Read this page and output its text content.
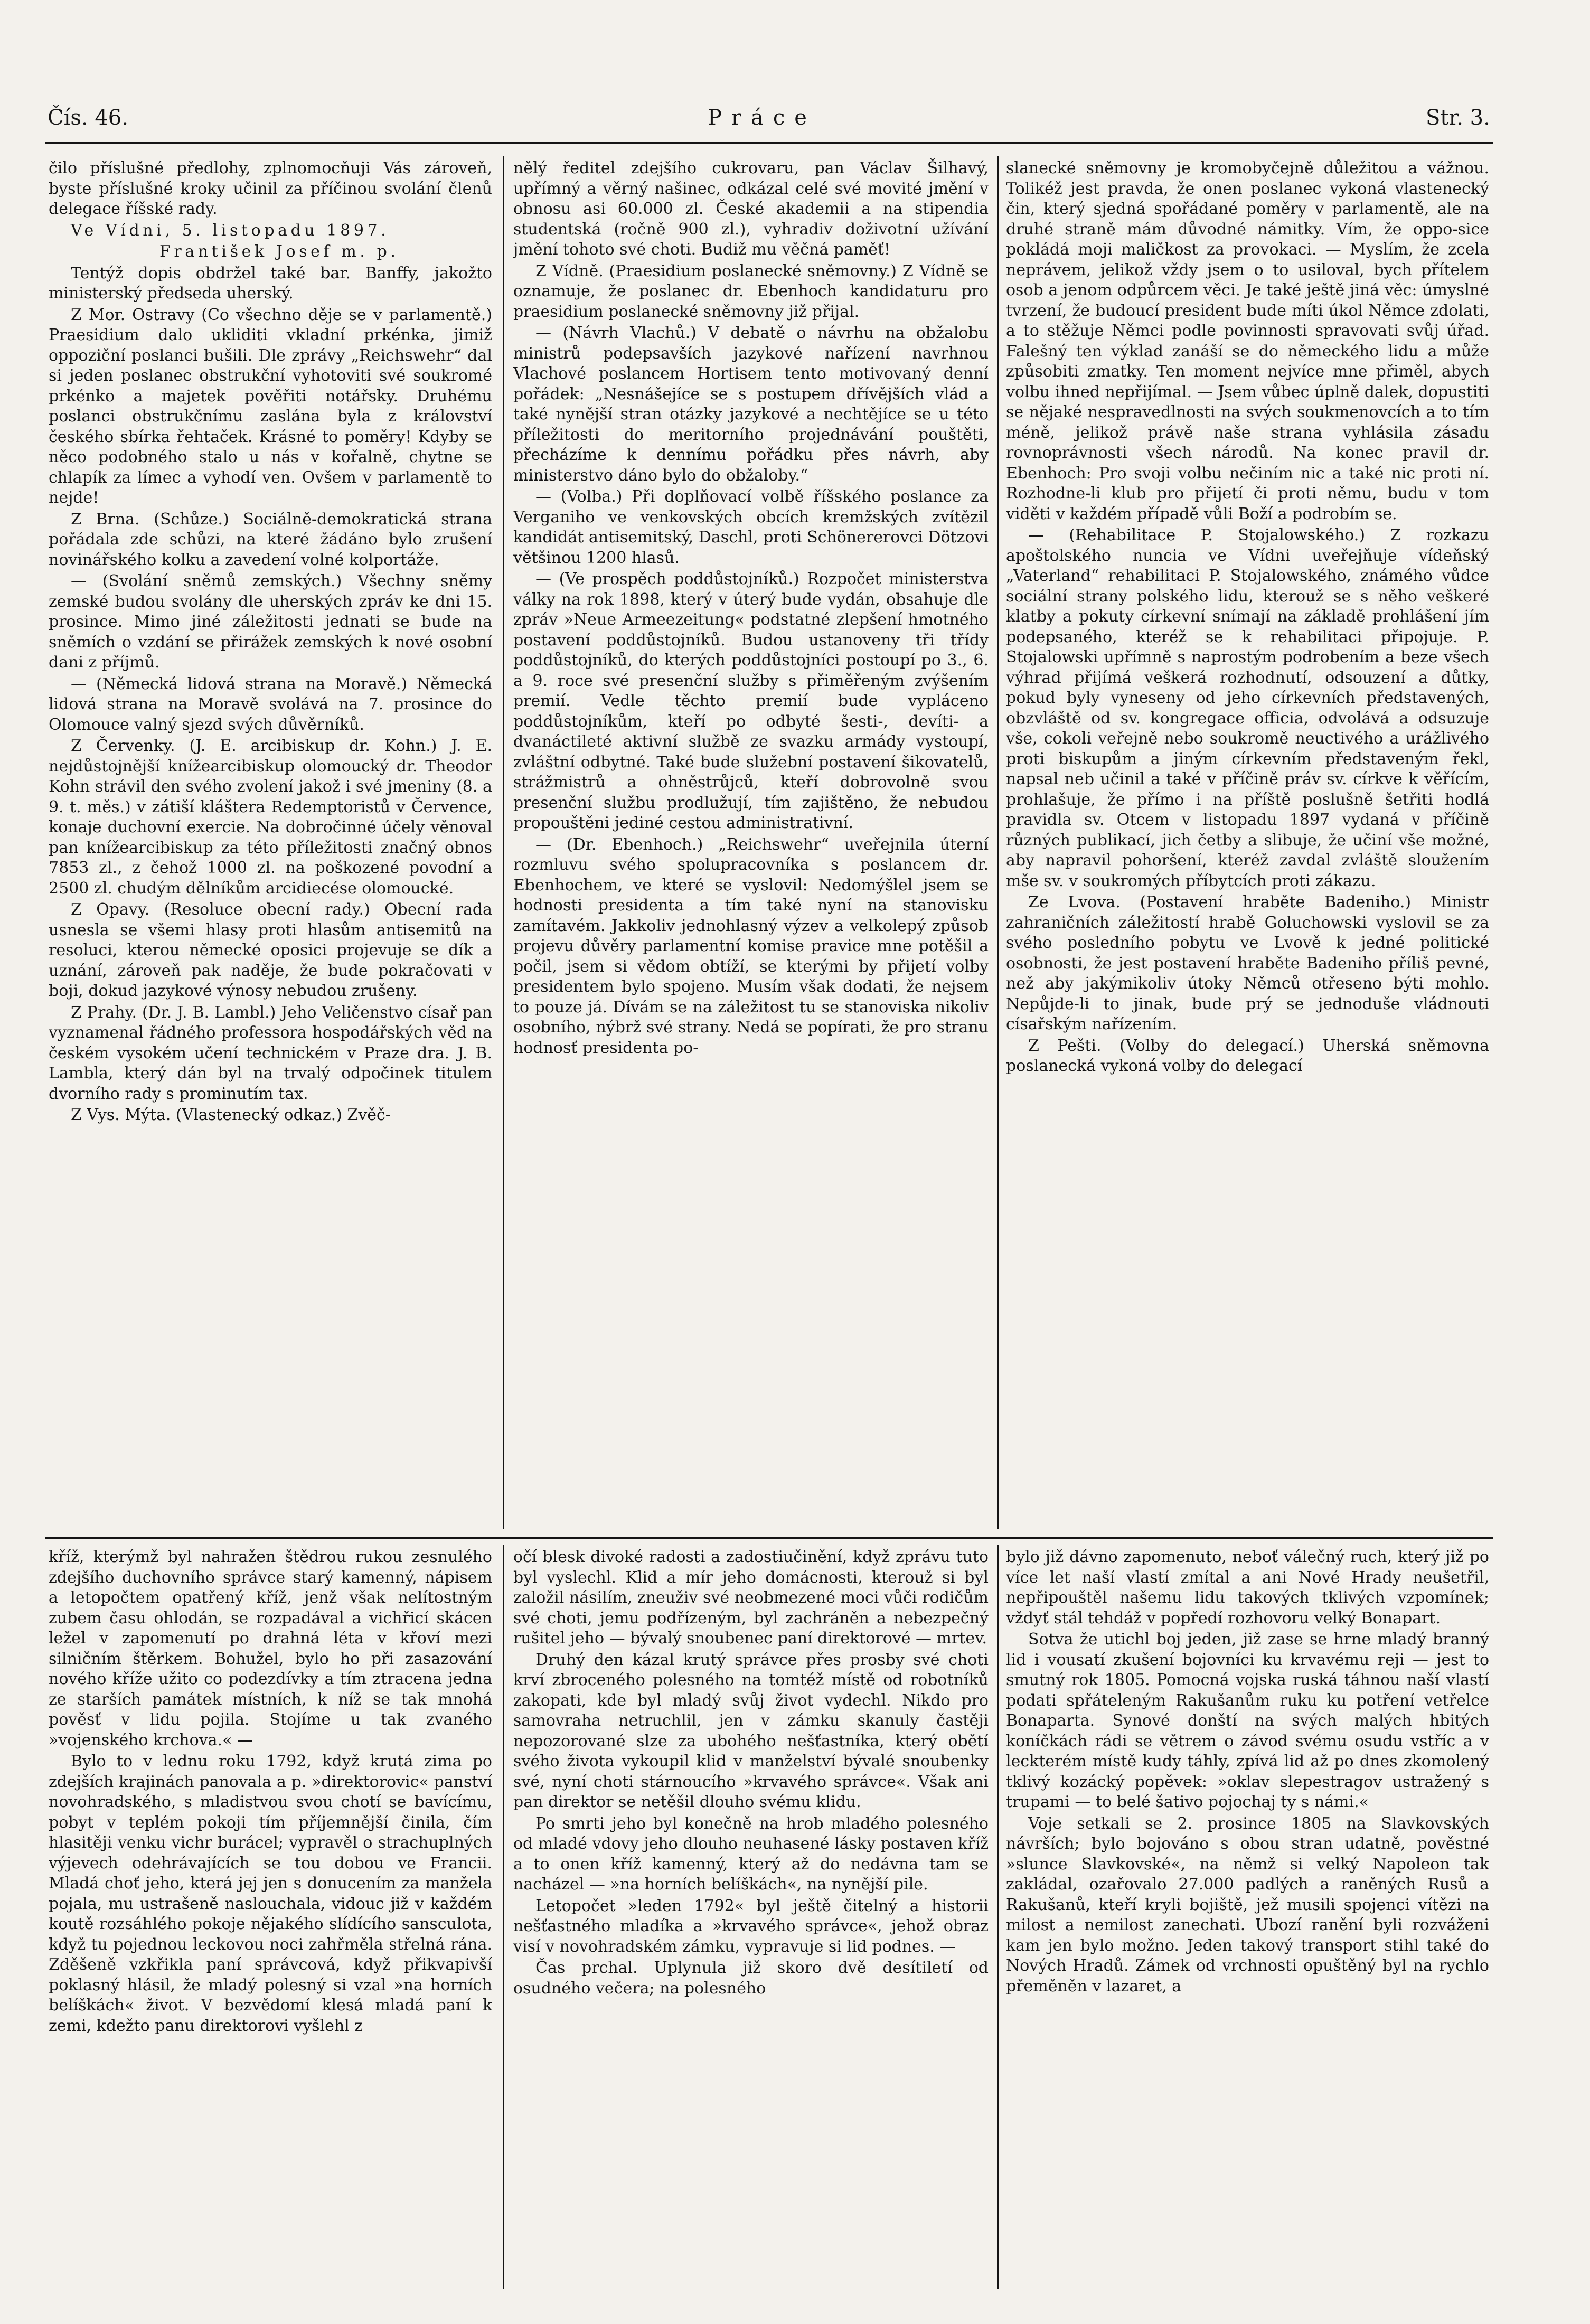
Čís. 46.	Práce	Str. 3.

čilo příslušné předlohy, zplnomocňuji Vás zároveň, byste příslušné kroky učinil za příčinou svolání členů delegace říšské rady.

Ve Vídni, 5. listopadu 1897.

František Josef m. p.

Tentýž dopis obdržel také bar. Banffy, jakožto ministerský předseda uherský.

Z Mor. Ostravy (Co všechno děje se v parlamentě.) Praesidium dalo ukliditi vkladní prkénka, jimiž oppoziční poslanci bušili. Dle zprávy „Reichswehr“ dal si jeden poslanec obstrukční vyhotoviti své soukromé prkénko a majetek pověřiti notářsky. Druhému poslanci obstrukčnímu zaslána byla z království českého sbírka řehtaček. Krásné to poměry! Kdyby se něco podobného stalo u nás v kořalně, chytne se chlapík za límec a vyhodí ven. Ovšem v parlamentě to nejde!

Z Brna. (Schůze.) Sociálně-demokratická strana pořádala zde schůzi, na které žádáno bylo zrušení novinářského kolku a zavedení volné kolportáže.

— (Svolání sněmů zemských.) Všechny sněmy zemské budou svolány dle uherských zpráv ke dni 15. prosince. Mimo jiné záležitosti jednati se bude na sněmích o vzdání se přirážek zemských k nové osobní dani z příjmů.

— (Německá lidová strana na Moravě.) Německá lidová strana na Moravě svolává na 7. prosince do Olomouce valný sjezd svých důvěrníků.

Z Červenky. (J. E. arcibiskup dr. Kohn.) J. E. nejdůstojnější knížearcibiskup olomoucký dr. Theodor Kohn strávil den svého zvolení jakož i své jmeniny (8. a 9. t. měs.) v zátiší kláštera Redemptoristů v Července, konaje duchovní exercie. Na dobročinné účely věnoval pan knížearcibiskup za této příležitosti značný obnos 7853 zl., z čehož 1000 zl. na poškozené povodní a 2500 zl. chudým dělníkům arcidiecése olomoucké.

Z Opavy. (Resoluce obecní rady.) Obecní rada usnesla se všemi hlasy proti hlasům antisemitů na resoluci, kterou německé oposici projevuje se dík a uznání, zároveň pak naděje, že bude pokračovati v boji, dokud jazykové výnosy nebudou zrušeny.

Z Prahy. (Dr. J. B. Lambl.) Jeho Veličenstvo císař pan vyznamenal řádného professora hospodářských věd na českém vysokém učení technickém v Praze dra. J. B. Lambla, který dán byl na trvalý odpočinek titulem dvorního rady s prominutím tax.

Z Vys. Mýta. (Vlastenecký odkaz.) Zvěč-

nělý ředitel zdejšího cukrovaru, pan Václav Šilhavý, upřímný a věrný našinec, odkázal celé své movité jmění v obnosu asi 60.000 zl. České akademii a na stipendia studentská (ročně 900 zl.), vyhradiv doživotní užívání jmění tohoto své choti. Budiž mu věčná paměť!

Z Vídně. (Praesidium poslanecké sněmovny.) Z Vídně se oznamuje, že poslanec dr. Ebenhoch kandidaturu pro praesidium poslanecké sněmovny již přijal.

— (Návrh Vlachů.) V debatě o návrhu na obžalobu ministrů podepsavších jazykové nařízení navrhnou Vlachové poslancem Hortisem tento motivovaný denní pořádek: „Nesnášejíce se s postupem dřívějších vlád a také nynější stran otázky jazykové a nechtějíce se u této příležitosti do meritorního projednávání pouštěti, přecházíme k dennímu pořádku přes návrh, aby ministerstvo dáno bylo do obžaloby.“

— (Volba.) Při doplňovací volbě říšského poslance za Verganiho ve venkovských obcích kremžských zvítězil kandidát antisemitský, Daschl, proti Schönererovci Dötzovi většinou 1200 hlasů.

— (Ve prospěch poddůstojníků.) Rozpočet ministerstva války na rok 1898, který v úterý bude vydán, obsahuje dle zpráv »Neue Armeezeitung« podstatné zlepšení hmotného postavení poddůstojníků. Budou ustanoveny tři třídy poddůstojníků, do kterých poddůstojníci postoupí po 3., 6. a 9. roce své presenční služby s přiměřeným zvýšením premií. Vedle těchto premií bude vypláceno poddůstojníkům, kteří po odbyté šesti-, devíti- a dvanáctileté aktivní službě ze svazku armády vystoupí, zvláštní odbytné. Také bude služební postavení šikovatelů, strážmistrů a ohněstrůjců, kteří dobrovolně svou presenční službu prodlužují, tím zajištěno, že nebudou propouštěni jediné cestou administrativní.

— (Dr. Ebenhoch.) „Reichswehr“ uveřejnila úterní rozmluvu svého spolupracovníka s poslancem dr. Ebenhochem, ve které se vyslovil: Nedomýšlel jsem se hodnosti presidenta a tím také nyní na stanovisku zamítavém. Jakkoliv jednohlasný výzev a velkolepý způsob projevu důvěry parlamentní komise pravice mne potěšil a počil, jsem si vědom obtíží, se kterými by přijetí volby presidentem bylo spojeno. Musím však dodati, že nejsem to pouze já. Dívám se na záležitost tu se stanoviska nikoliv osobního, nýbrž své strany. Nedá se popírati, že pro stranu hodnosť presidenta po-

slanecké sněmovny je kromobyčejně důležitou a vážnou. Tolikéž jest pravda, že onen poslanec vykoná vlastenecký čin, který sjedná spořádané poměry v parlamentě, ale na druhé straně mám důvodné námitky. Vím, že oppo-sice pokládá moji maličkost za provokaci. — Myslím, že zcela neprávem, jelikož vždy jsem o to usiloval, bych přítelem osob a jenom odpůrcem věci. Je také ještě jiná věc: úmyslné tvrzení, že budoucí president bude míti úkol Němce zdolati, a to stěžuje Němci podle povinnosti spravovati svůj úřad. Falešný ten výklad zanáší se do německého lidu a může způsobiti zmatky. Ten moment nejvíce mne přiměl, abych volbu ihned nepřijímal. — Jsem vůbec úplně dalek, dopustiti se nějaké nespravedlnosti na svých soukmenovcích a to tím méně, jelikož právě naše strana vyhlásila zásadu rovnoprávnosti všech národů. Na konec pravil dr. Ebenhoch: Pro svoji volbu nečiním nic a také nic proti ní. Rozhodne-li klub pro přijetí či proti němu, budu v tom viděti v každém případě vůli Boží a podrobím se.

— (Rehabilitace P. Stojalowského.) Z rozkazu apoštolského nuncia ve Vídni uveřejňuje vídeňský „Vaterland“ rehabilitaci P. Stojalowského, známého vůdce sociální strany polského lidu, kterouž se s něho veškeré klatby a pokuty církevní snímají na základě prohlášení jím podepsaného, kteréž se k rehabilitaci připojuje. P. Stojalowski upřímně s naprostým podrobením a beze všech výhrad přijímá veškerá rozhodnutí, odsouzení a důtky, pokud byly vyneseny od jeho církevních představených, obzvláště od sv. kongregace officia, odvolává a odsuzuje vše, cokoli veřejně nebo soukromě neuctivého a urážlivého proti biskupům a jiným církevním představeným řekl, napsal neb učinil a také v příčině práv sv. církve k věřícím, prohlašuje, že přímo i na příště poslušně šetřiti hodlá pravidla sv. Otcem v listopadu 1897 vydaná v příčině různých publikací, jich četby a slibuje, že učiní vše možné, aby napravil pohoršení, kteréž zavdal zvláště sloužením mše sv. v soukromých příbytcích proti zákazu.

Ze Lvova. (Postavení hraběte Badeniho.) Ministr zahraničních záležitostí hrabě Goluchowski vyslovil se za svého posledního pobytu ve Lvově k jedné politické osobnosti, že jest postavení hraběte Badeniho příliš pevné, než aby jakýmikoliv útoky Němců otřeseno býti mohlo. Nepůjde-li to jinak, bude prý se jednoduše vládnouti císařským nařízením.

Z Pešti. (Volby do delegací.) Uherská sněmovna poslanecká vykoná volby do delegací

kříž, kterýmž byl nahražen štědrou rukou zesnulého zdejšího duchovního správce starý kamenný, nápisem a letopočtem opatřený kříž, jenž však nelítostným zubem času ohlodán, se rozpadával a vichřicí skácen ležel v zapomenutí po drahná léta v křoví mezi silničním štěrkem. Bohužel, bylo ho při zasazování nového kříže užito co podezdívky a tím ztracena jedna ze starších památek místních, k níž se tak mnohá pověsť v lidu pojila. Stojíme u tak zvaného »vojenského krchova.« —

Bylo to v lednu roku 1792, když krutá zima po zdejších krajinách panovala a p. »direktorovic« panství novohradského, s mladistvou svou chotí se bavícímu, pobyt v teplém pokoji tím příjemnější činila, čím hlasitěji venku vichr burácel; vypravěl o strachuplných výjevech odehrávajících se tou dobou ve Francii. Mladá choť jeho, která jej jen s donucením za manžela pojala, mu ustrašeně naslouchala, vidouc již v každém koutě rozsáhlého pokoje nějakého slídícího sansculota, když tu pojednou leckovou noci zahřměla střelná rána. Zděšeně vzkřikla paní správcová, když přikvapivší poklasný hlásil, že mladý polesný si vzal »na horních belíškách« život. V bezvědomí klesá mladá paní k zemi, kdežto panu direktorovi vyšlehl z

očí blesk divoké radosti a zadostiučinění, když zprávu tuto byl vyslechl. Klid a mír jeho domácnosti, kterouž si byl založil násilím, zneuživ své neobmezené moci vůči rodičům své choti, jemu podřízeným, byl zachráněn a nebezpečný rušitel jeho — bývalý snoubenec paní direktorové — mrtev.

Druhý den kázal krutý správce přes prosby své choti krví zbroceného polesného na tomtéž místě od robotníků zakopati, kde byl mladý svůj život vydechl. Nikdo pro samovraha netruchlil, jen v zámku skanuly častěji nepozorované slze za ubohého nešťastníka, který obětí svého života vykoupil klid v manželství bývalé snoubenky své, nyní choti stárnoucího »krvavého správce«. Však ani pan direktor se netěšil dlouho svému klidu.

Po smrti jeho byl konečně na hrob mladého polesného od mladé vdovy jeho dlouho neuhasené lásky postaven kříž a to onen kříž kamenný, který až do nedávna tam se nacházel — »na horních belíškách«, na nynější pile.

Letopočet »leden 1792« byl ještě čitelný a historii nešťastného mladíka a »krvavého správce«, jehož obraz visí v novohradském zámku, vypravuje si lid podnes. —

Čas prchal. Uplynula již skoro dvě desítiletí od osudného večera; na polesného

bylo již dávno zapomenuto, neboť válečný ruch, který již po více let naší vlastí zmítal a ani Nové Hrady neušetřil, nepřipouštěl našemu lidu takových tklivých vzpomínek; vždyť stál tehdáž v popředí rozhovoru velký Bonapart.

Sotva že utichl boj jeden, již zase se hrne mladý branný lid i vousatí zkušení bojovníci ku krvavému reji — jest to smutný rok 1805. Pomocná vojska ruská táhnou naší vlastí podati spřáteleným Rakušanům ruku ku potření vetřelce Bonaparta. Synové donští na svých malých hbitých koníčkách rádi se větrem o závod svému osudu vstříc a v leckterém místě kudy táhly, zpívá lid až po dnes zkomolený tklivý kozácký popěvek: »oklav slepestragov ustražený s trupami — to belé šativo pojochaj ty s námi.«

Voje setkali se 2. prosince 1805 na Slavkovských návrších; bylo bojováno s obou stran udatně, pověstné »slunce Slavkovské«, na němž si velký Napoleon tak zakládal, ozařovalo 27.000 padlých a raněných Rusů a Rakušanů, kteří kryli bojiště, jež musili spojenci vítězi na milost a nemilost zanechati. Ubozí ranění byli rozváženi kam jen bylo možno. Jeden takový transport stihl také do Nových Hradů. Zámek od vrchnosti opuštěný byl na rychlo přeměněn v lazaret, a
